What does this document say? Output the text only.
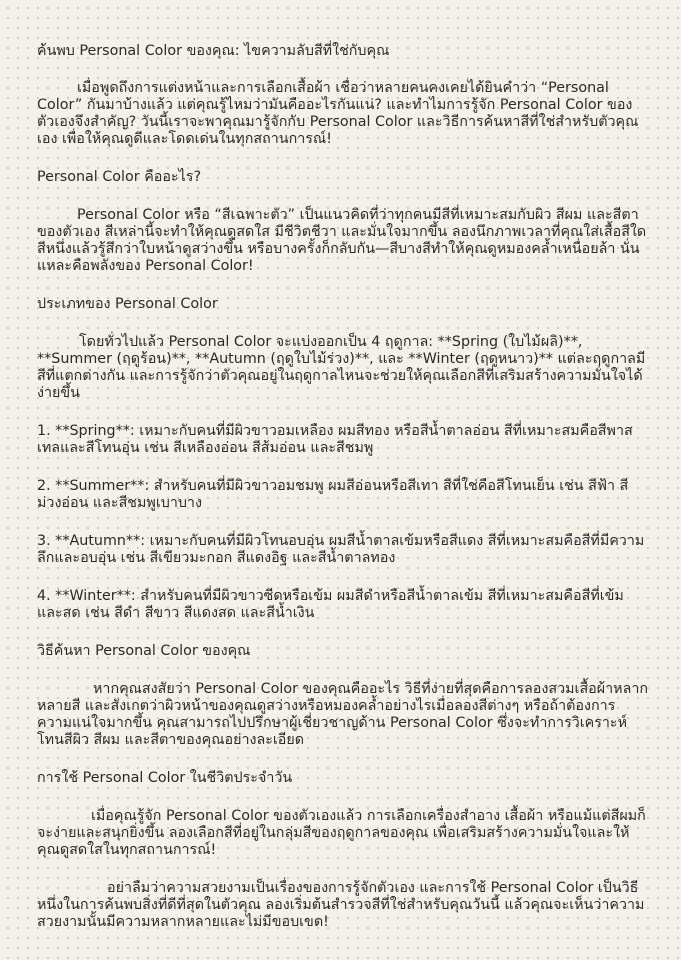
ค้นพบ Personal Color ของคุณ: ไขความลับสีที่ใช่กับคุณ

เมื่อพูดถึงการแต่งหน้าและการเลือกเสื้อผ้า เชื่อว่าหลายคนคงเคยได้ยินคำว่า “Personal Color” กันมาบ้างแล้ว แต่คุณรู้ไหมว่ามันคืออะไรกันแน่? และทำไมการรู้จัก Personal Color ของตัวเองจึงสำคัญ? วันนี้เราจะพาคุณมารู้จักกับ Personal Color และวิธีการค้นหาสีที่ใช่สำหรับตัวคุณเอง เพื่อให้คุณดูดีและโดดเด่นในทุกสถานการณ์!

Personal Color คืออะไร?

Personal Color หรือ “สีเฉพาะตัว” เป็นแนวคิดที่ว่าทุกคนมีสีที่เหมาะสมกับผิว สีผม และสีตาของตัวเอง สีเหล่านี้จะทำให้คุณดูสดใส มีชีวิตชีวา และมั่นใจมากขึ้น ลองนึกภาพเวลาที่คุณใส่เสื้อสีใดสีหนึ่งแล้วรู้สึกว่าใบหน้าดูสว่างขึ้น หรือบางครั้งก็กลับกัน—สีบางสีทำให้คุณดูหมองคล้ำเหนื่อยล้า นั่นแหละคือพลังของ Personal Color!

ประเภทของ Personal Color

โดยทั่วไปแล้ว Personal Color จะแบ่งออกเป็น 4 ฤดูกาล: **Spring (ใบไม้ผลิ)**, **Summer (ฤดูร้อน)**, **Autumn (ฤดูใบไม้ร่วง)**, และ **Winter (ฤดูหนาว)** แต่ละฤดูกาลมีสีที่แตกต่างกัน และการรู้จักว่าตัวคุณอยู่ในฤดูกาลไหนจะช่วยให้คุณเลือกสีที่เสริมสร้างความมั่นใจได้ง่ายขึ้น

1. **Spring**: เหมาะกับคนที่มีผิวขาวอมเหลือง ผมสีทอง หรือสีน้ำตาลอ่อน สีที่เหมาะสมคือสีพาสเทลและสีโทนอุ่น เช่น สีเหลืองอ่อน สีส้มอ่อน และสีชมพู

2. **Summer**: สำหรับคนที่มีผิวขาวอมชมพู ผมสีอ่อนหรือสีเทา สีที่ใช่คือสีโทนเย็น เช่น สีฟ้า สีม่วงอ่อน และสีชมพูเบาบาง

3. **Autumn**: เหมาะกับคนที่มีผิวโทนอบอุ่น ผมสีน้ำตาลเข้มหรือสีแดง สีที่เหมาะสมคือสีที่มีความลึกและอบอุ่น เช่น สีเขียวมะกอก สีแดงอิฐ และสีน้ำตาลทอง

4. **Winter**: สำหรับคนที่มีผิวขาวซีดหรือเข้ม ผมสีดำหรือสีน้ำตาลเข้ม สีที่เหมาะสมคือสีที่เข้มและสด เช่น สีดำ สีขาว สีแดงสด และสีน้ำเงิน

วิธีค้นหา Personal Color ของคุณ

หากคุณสงสัยว่า Personal Color ของคุณคืออะไร วิธีที่ง่ายที่สุดคือการลองสวมเสื้อผ้าหลากหลายสี และสังเกตว่าผิวหน้าของคุณดูสว่างหรือหมองคล้ำอย่างไรเมื่อลองสีต่างๆ หรือถ้าต้องการความแน่ใจมากขึ้น คุณสามารถไปปรึกษาผู้เชี่ยวชาญด้าน Personal Color ซึ่งจะทำการวิเคราะห์โทนสีผิว สีผม และสีตาของคุณอย่างละเอียด

การใช้ Personal Color ในชีวิตประจำวัน

เมื่อคุณรู้จัก Personal Color ของตัวเองแล้ว การเลือกเครื่องสำอาง เสื้อผ้า หรือแม้แต่สีผมก็จะง่ายและสนุกยิ่งขึ้น ลองเลือกสีที่อยู่ในกลุ่มสีของฤดูกาลของคุณ เพื่อเสริมสร้างความมั่นใจและให้คุณดูสดใสในทุกสถานการณ์!

อย่าลืมว่าความสวยงามเป็นเรื่องของการรู้จักตัวเอง และการใช้ Personal Color เป็นวิธีหนึ่งในการค้นพบสิ่งที่ดีที่สุดในตัวคุณ ลองเริ่มต้นสำรวจสีที่ใช่สำหรับคุณวันนี้ แล้วคุณจะเห็นว่าความสวยงามนั้นมีความหลากหลายและไม่มีขอบเขต!
